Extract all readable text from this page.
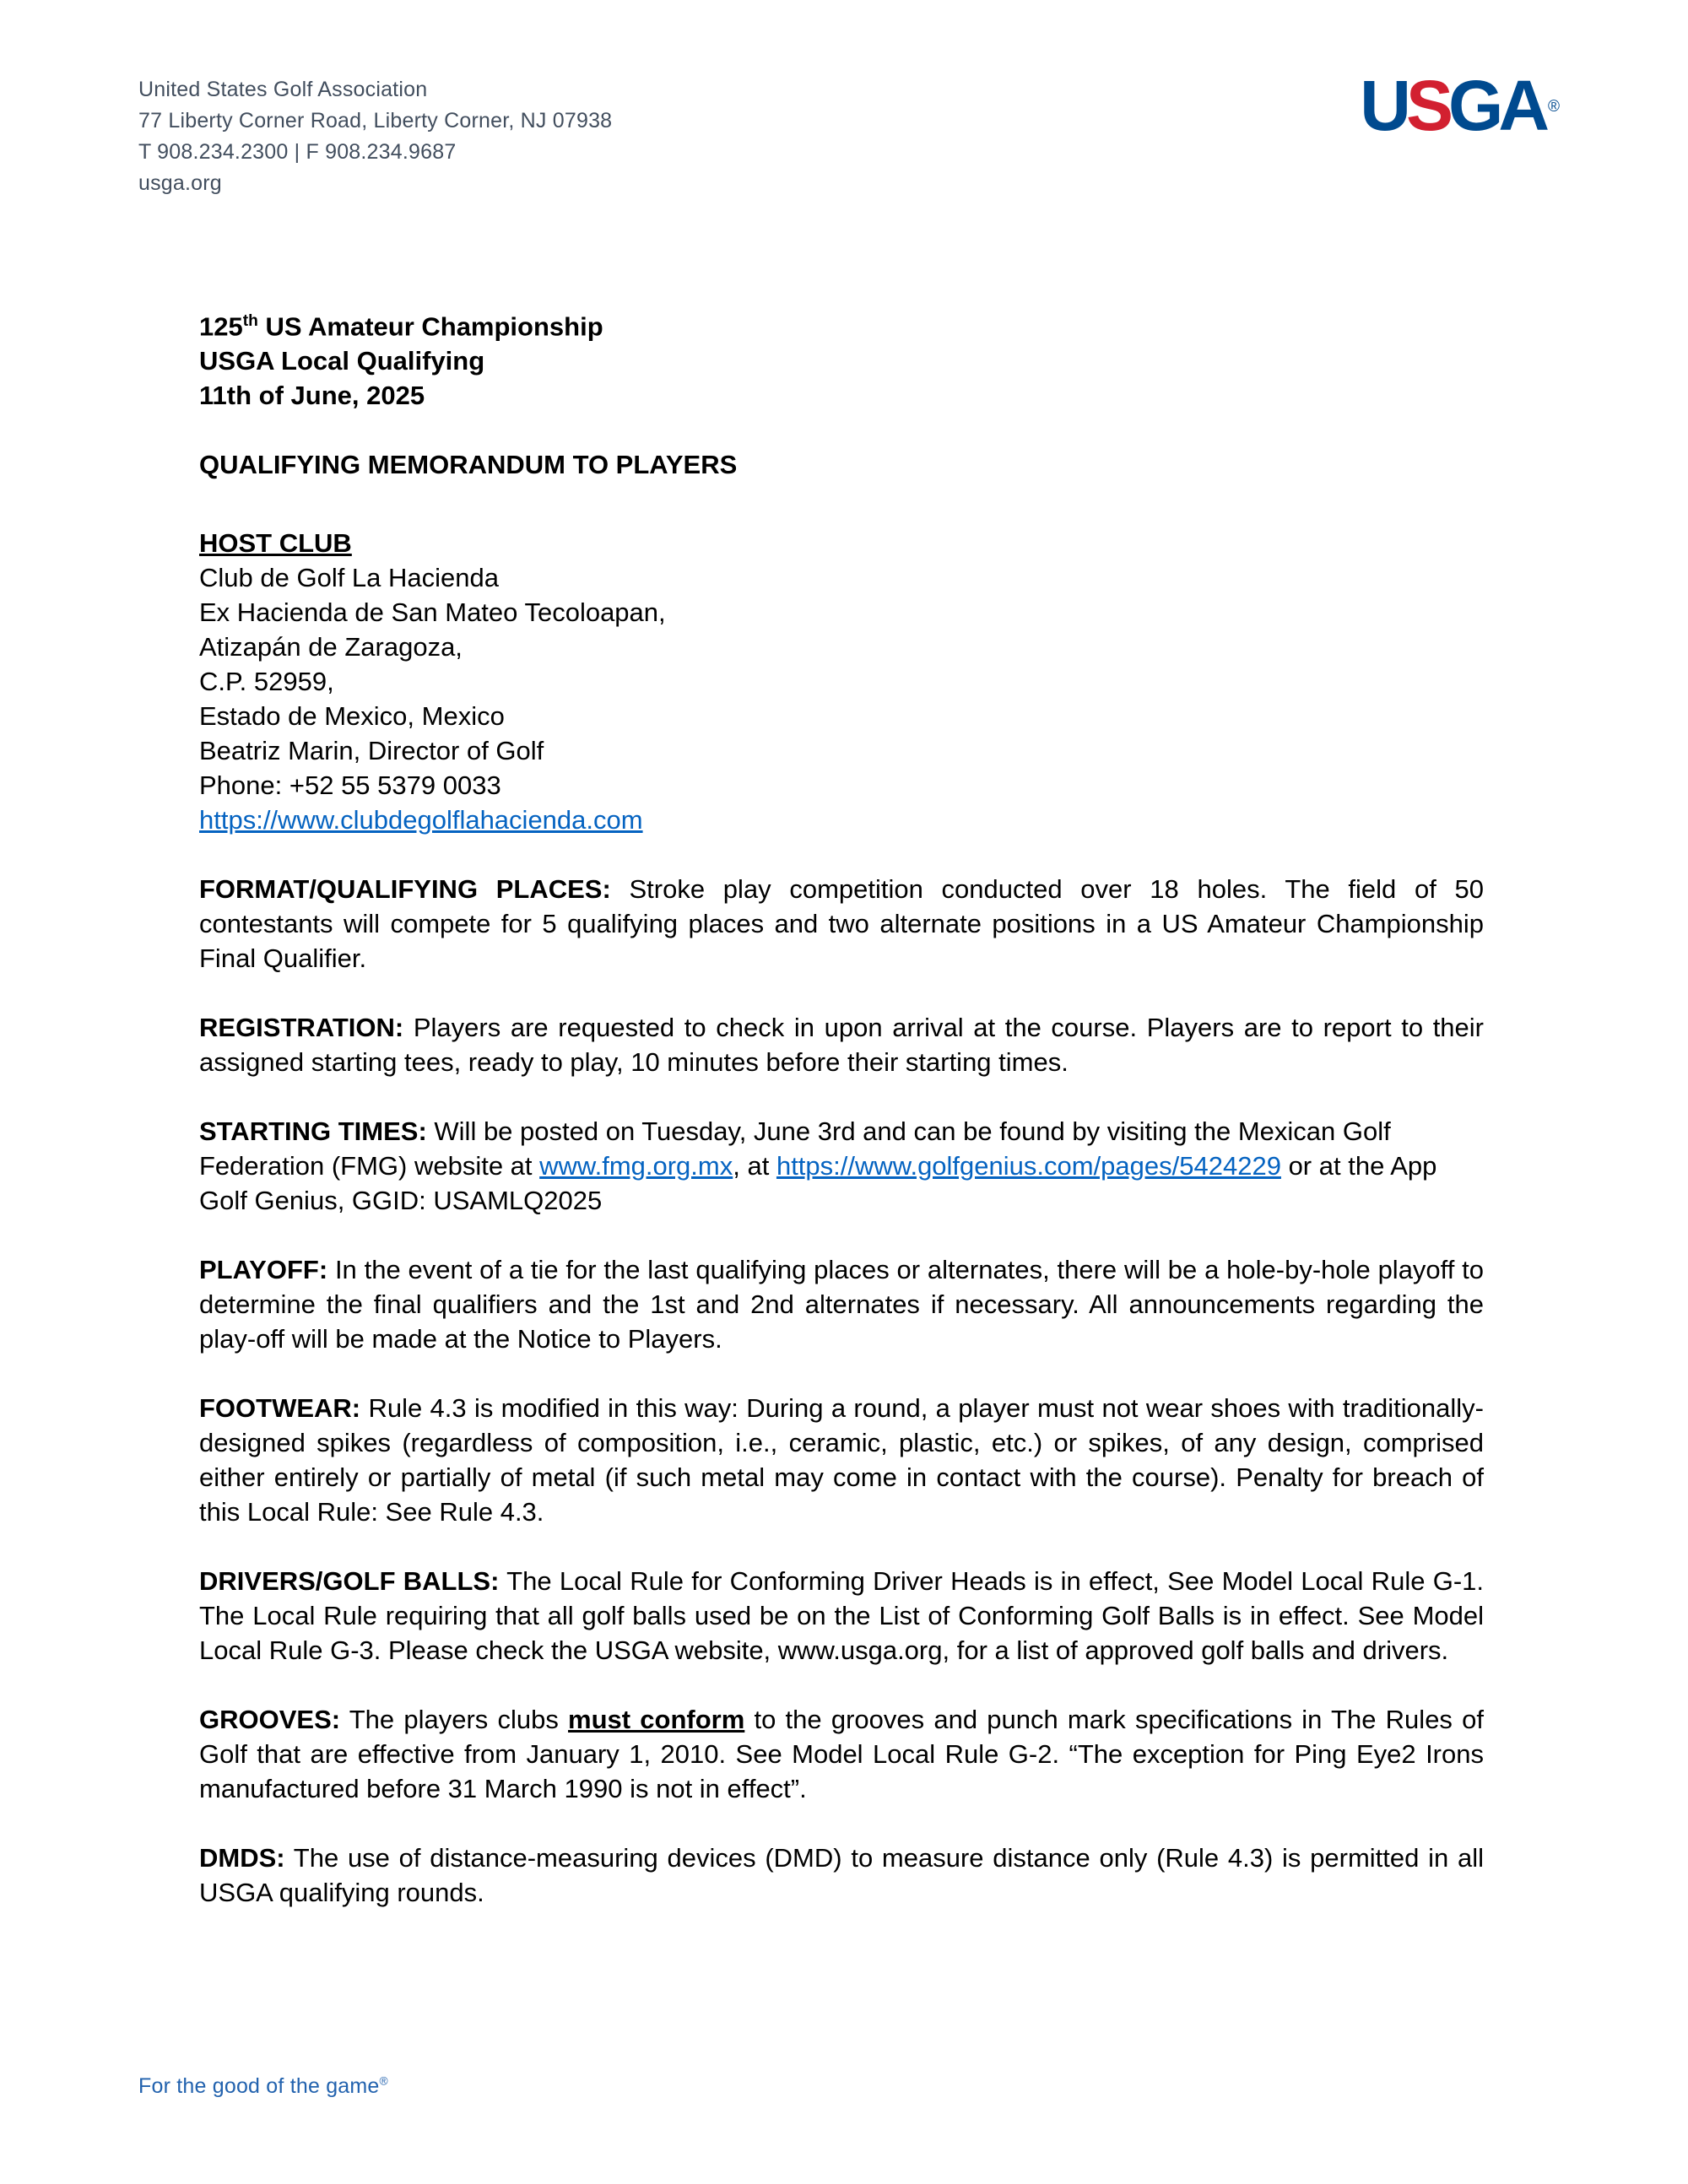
United States Golf Association
77 Liberty Corner Road, Liberty Corner, NJ 07938
T 908.234.2300 | F 908.234.9687
usga.org
U S GA ®
125th US Amateur Championship
USGA Local Qualifying
11th of June, 2025
QUALIFYING MEMORANDUM TO PLAYERS
HOST CLUB
Club de Golf La Hacienda
Ex Hacienda de San Mateo Tecoloapan,
Atizapán de Zaragoza,
C.P. 52959,
Estado de Mexico, Mexico
Beatriz Marin, Director of Golf
Phone: +52 55 5379 0033
https://www.clubdegolflahacienda.com

FORMAT/QUALIFYING PLACES: Stroke play competition conducted over 18 holes. The field of 50 contestants will compete for 5 qualifying places and two alternate positions in a US Amateur Championship Final Qualifier.

REGISTRATION: Players are requested to check in upon arrival at the course. Players are to report to their assigned starting tees, ready to play, 10 minutes before their starting times.

STARTING TIMES: Will be posted on Tuesday, June 3rd and can be found by visiting the Mexican Golf Federation (FMG) website at www.fmg.org.mx, at https://www.golfgenius.com/pages/5424229 or at the App Golf Genius, GGID: USAMLQ2025

PLAYOFF: In the event of a tie for the last qualifying places or alternates, there will be a hole-by-hole playoff to determine the final qualifiers and the 1st and 2nd alternates if necessary. All announcements regarding the play-off will be made at the Notice to Players.

FOOTWEAR: Rule 4.3 is modified in this way: During a round, a player must not wear shoes with traditionally-designed spikes (regardless of composition, i.e., ceramic, plastic, etc.) or spikes, of any design, comprised either entirely or partially of metal (if such metal may come in contact with the course). Penalty for breach of this Local Rule: See Rule 4.3.

DRIVERS/GOLF BALLS: The Local Rule for Conforming Driver Heads is in effect, See Model Local Rule G-1. The Local Rule requiring that all golf balls used be on the List of Conforming Golf Balls is in effect. See Model Local Rule G-3. Please check the USGA website, www.usga.org, for a list of approved golf balls and drivers.

GROOVES: The players clubs must conform to the grooves and punch mark specifications in The Rules of Golf that are effective from January 1, 2010. See Model Local Rule G-2. “The exception for Ping Eye2 Irons manufactured before 31 March 1990 is not in effect”.

DMDS: The use of distance-measuring devices (DMD) to measure distance only (Rule 4.3) is permitted in all USGA qualifying rounds.

For the good of the game®
